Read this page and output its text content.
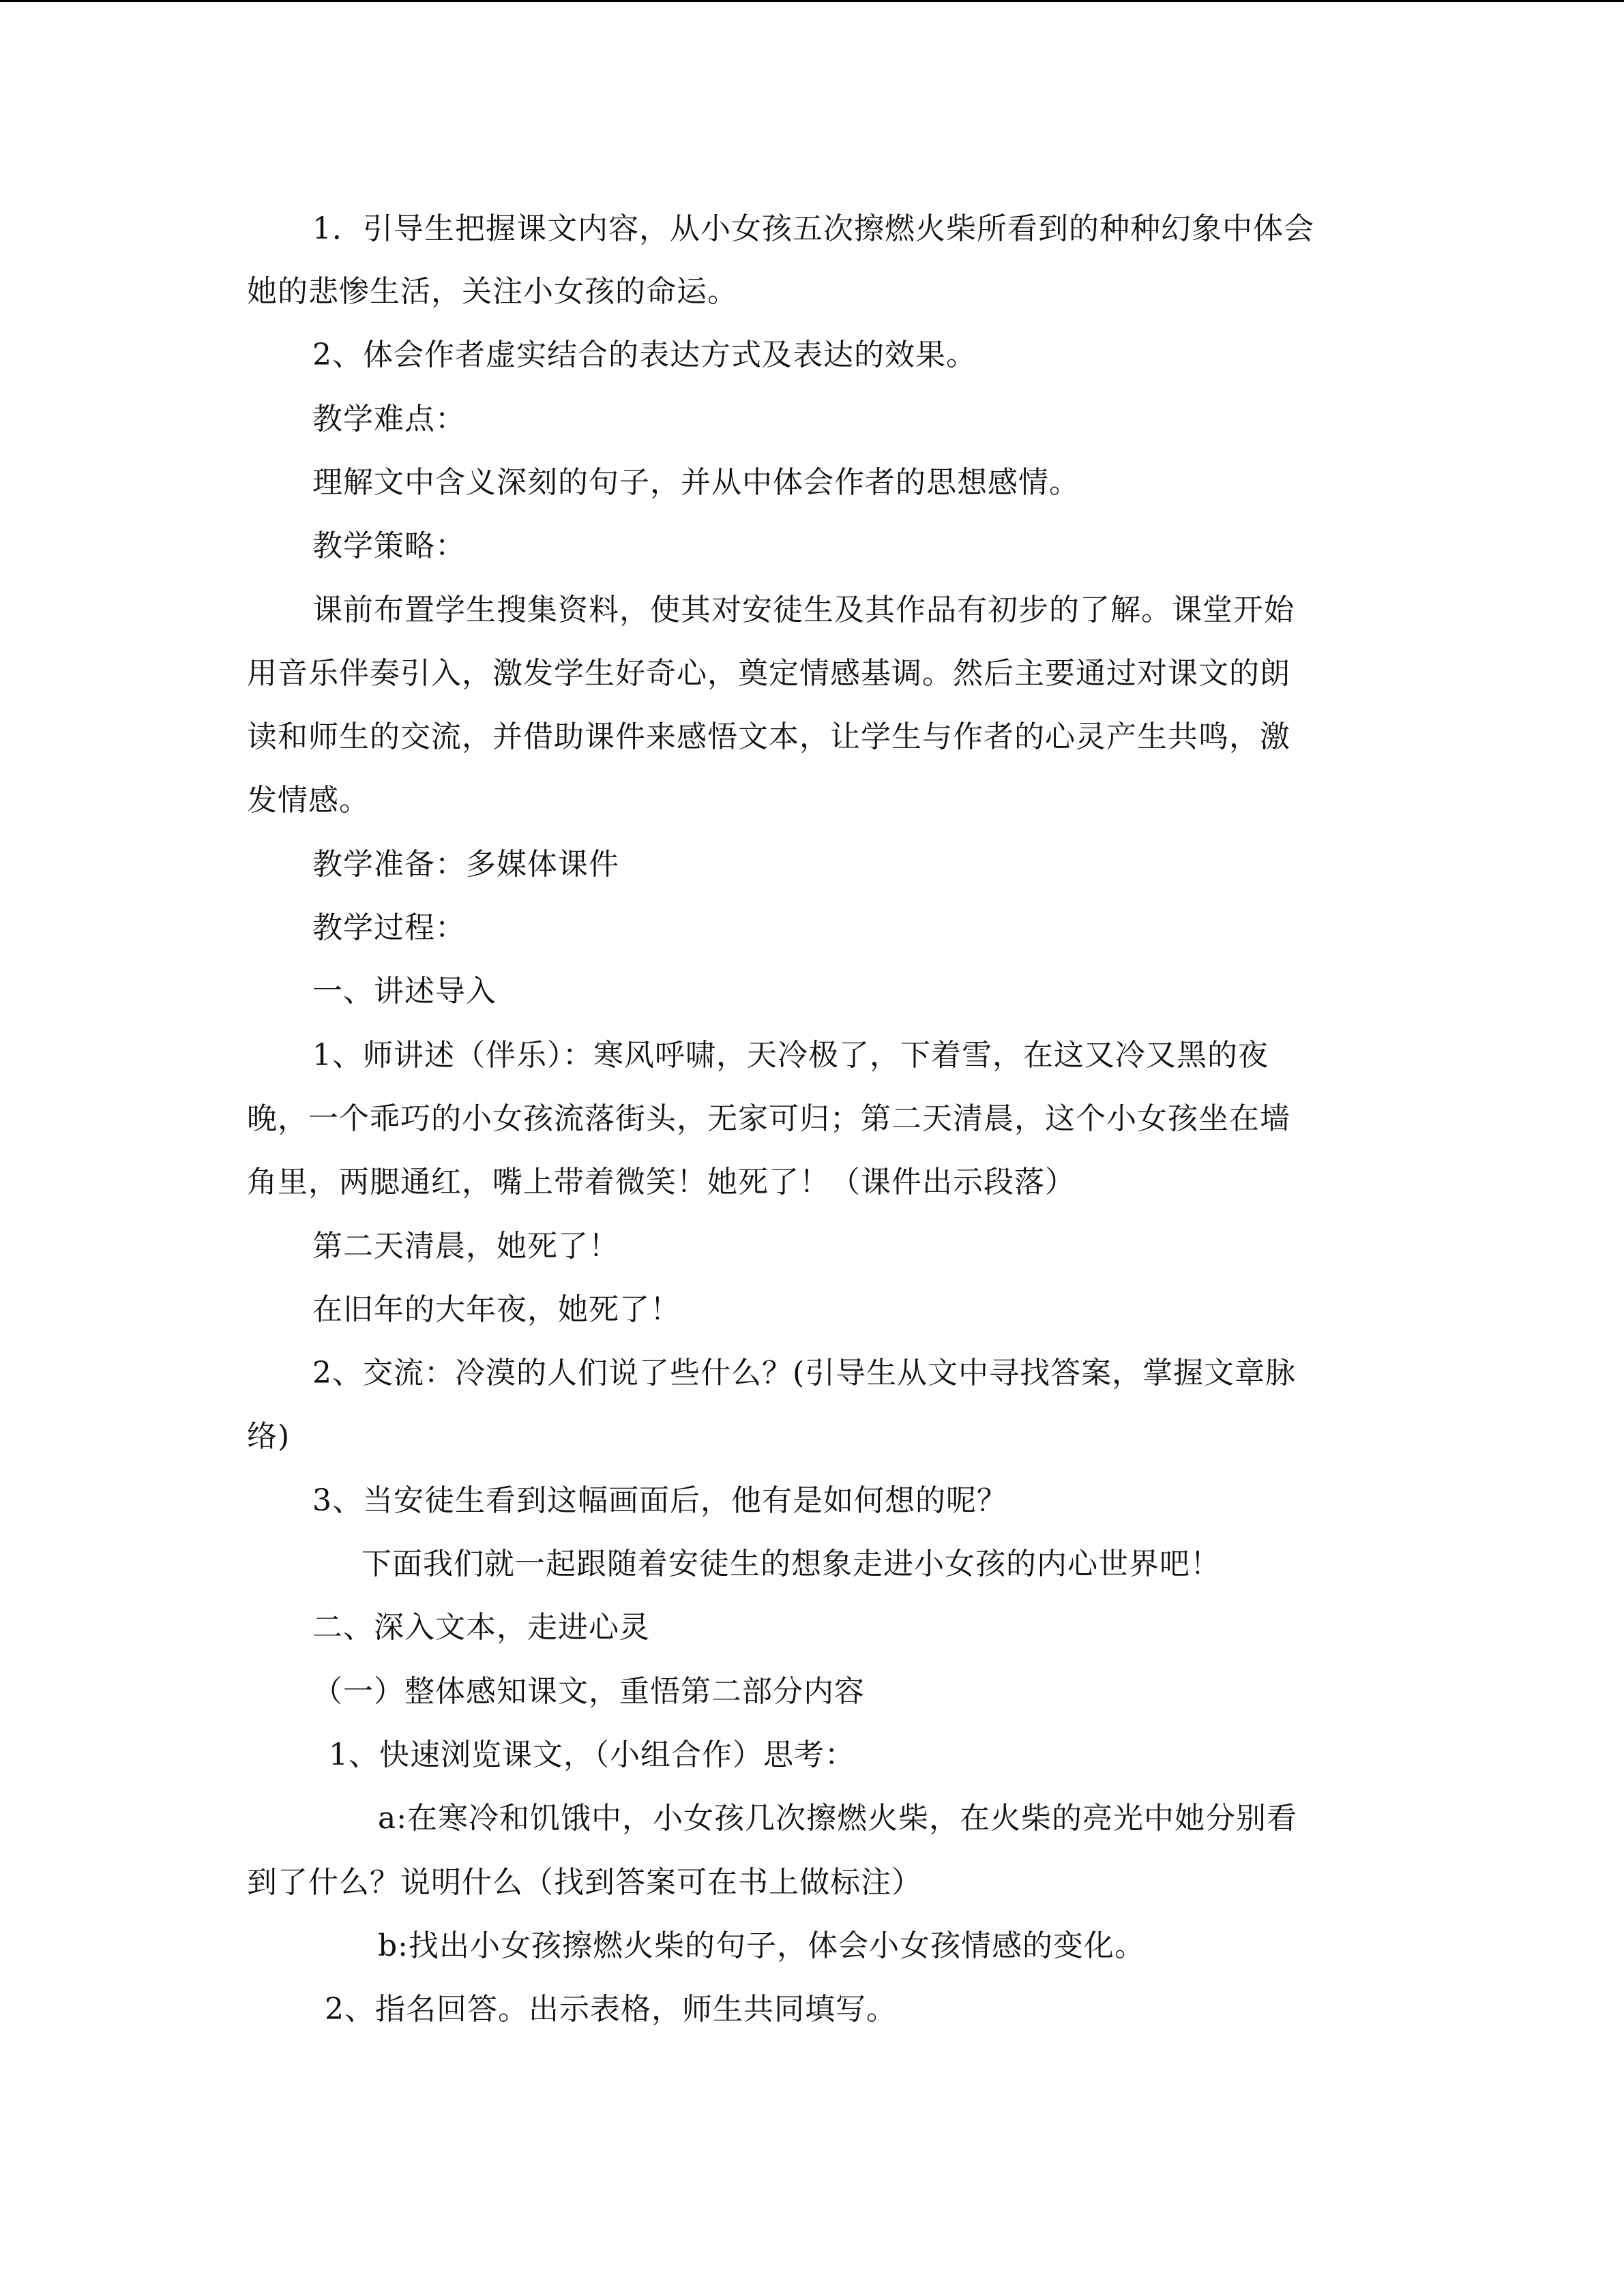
1．引导生把握课文内容，从小女孩五次擦燃火柴所看到的种种幻象中体会
她的悲惨生活，关注小女孩的命运。
2、体会作者虚实结合的表达方式及表达的效果。
教学难点：
理解文中含义深刻的句子，并从中体会作者的思想感情。
教学策略：
课前布置学生搜集资料，使其对安徒生及其作品有初步的了解。课堂开始
用音乐伴奏引入，激发学生好奇心，奠定情感基调。然后主要通过对课文的朗
读和师生的交流，并借助课件来感悟文本，让学生与作者的心灵产生共鸣，激
发情感。
教学准备：多媒体课件
教学过程：
一、讲述导入
1、师讲述（伴乐）：寒风呼啸，天冷极了，下着雪，在这又冷又黑的夜
晚，一个乖巧的小女孩流落街头，无家可归；第二天清晨，这个小女孩坐在墙
角里，两腮通红，嘴上带着微笑！她死了！（课件出示段落）
第二天清晨，她死了！
在旧年的大年夜，她死了！
2、交流：冷漠的人们说了些什么？(引导生从文中寻找答案，掌握文章脉
络)
3、当安徒生看到这幅画面后，他有是如何想的呢？
下面我们就一起跟随着安徒生的想象走进小女孩的内心世界吧！
二、深入文本，走进心灵
（一）整体感知课文，重悟第二部分内容
1、快速浏览课文，（小组合作）思考：
a:在寒冷和饥饿中，小女孩几次擦燃火柴，在火柴的亮光中她分别看
到了什么？说明什么（找到答案可在书上做标注）
b:找出小女孩擦燃火柴的句子，体会小女孩情感的变化。
2、指名回答。出示表格，师生共同填写。
